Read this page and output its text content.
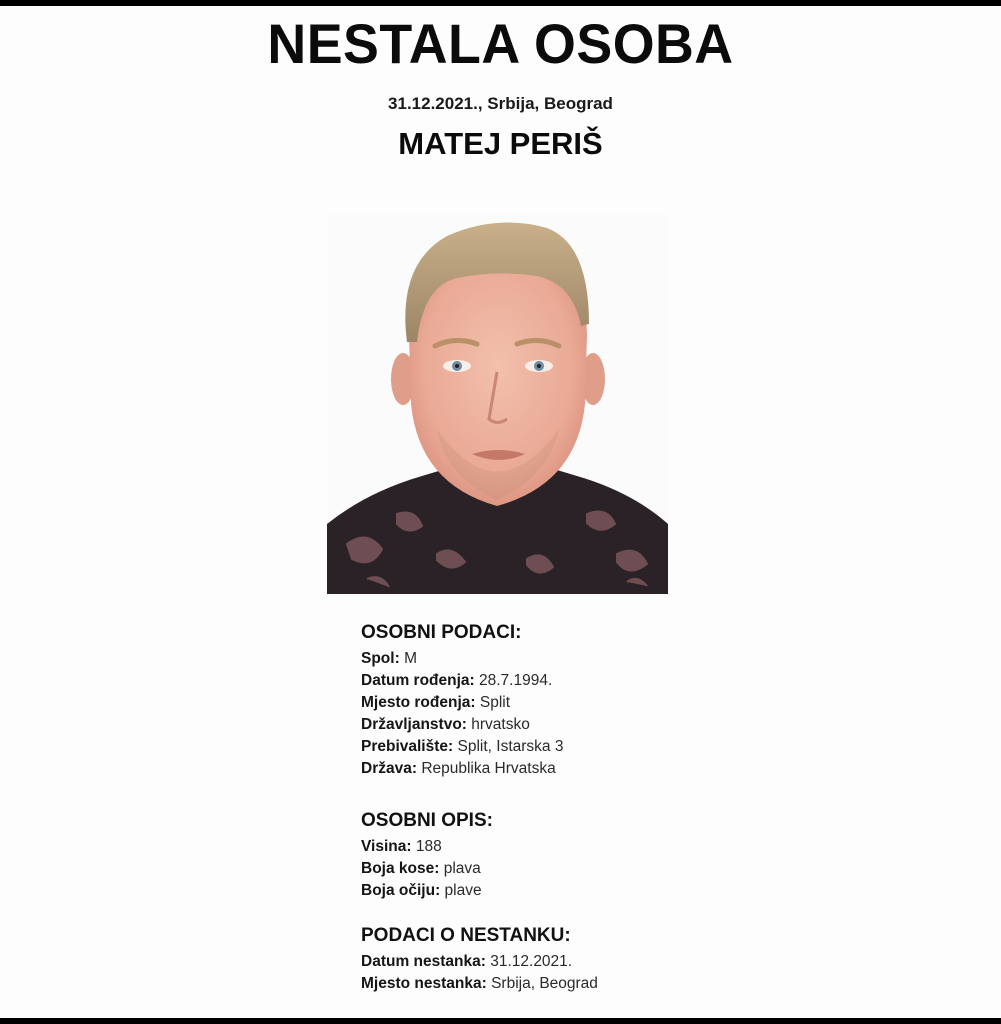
NESTALA OSOBA
31.12.2021., Srbija, Beograd
MATEJ PERIŠ
OSOBNI PODACI:
Spol: M
Datum rođenja: 28.7.1994.
Mjesto rođenja: Split
Državljanstvo: hrvatsko
Prebivalište: Split, Istarska 3
Država: Republika Hrvatska
OSOBNI OPIS:
Visina: 188
Boja kose: plava
Boja očiju: plave
PODACI O NESTANKU:
Datum nestanka: 31.12.2021.
Mjesto nestanka: Srbija, Beograd
